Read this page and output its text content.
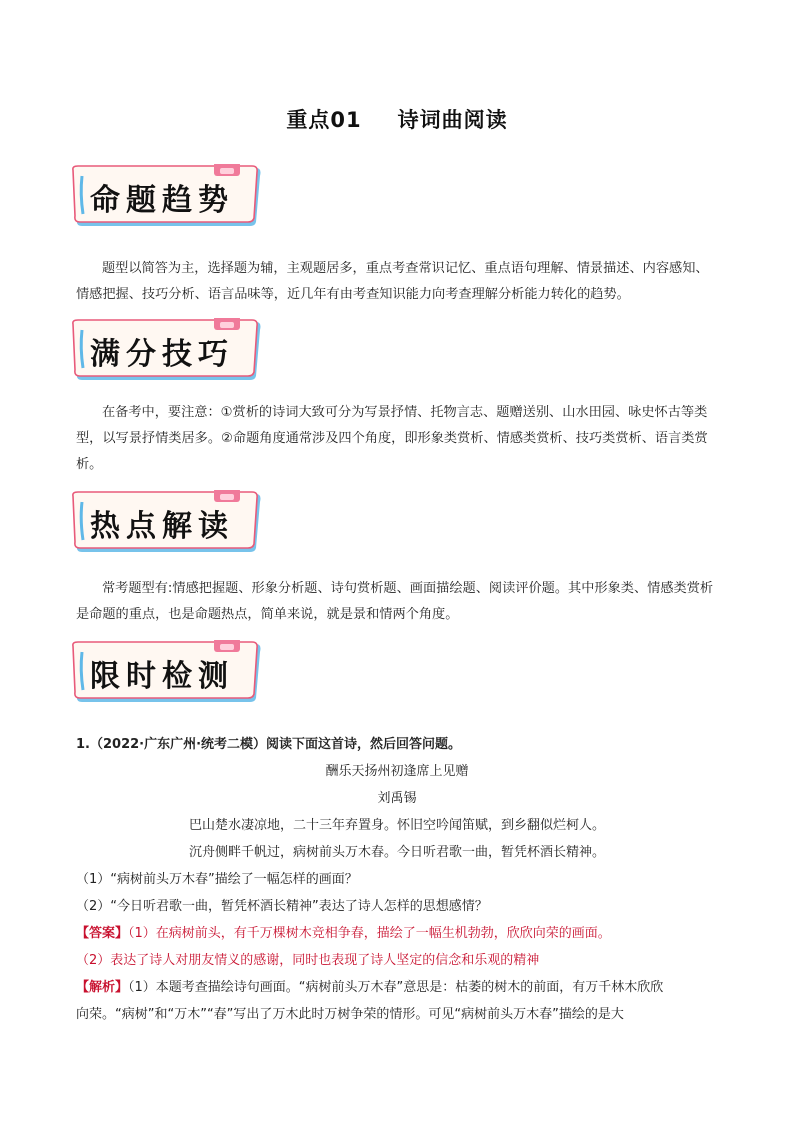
重点01 诗词曲阅读
命题趋势

题型以简答为主，选择题为辅，主观题居多，重点考查常识记忆、重点语句理解、情景描述、内容感知、情感把握、技巧分析、语言品味等，近几年有由考查知识能力向考查理解分析能力转化的趋势。

满分技巧

在备考中，要注意：①赏析的诗词大致可分为写景抒情、托物言志、题赠送别、山水田园、咏史怀古等类型，以写景抒情类居多。②命题角度通常涉及四个角度，即形象类赏析、情感类赏析、技巧类赏析、语言类赏析。

热点解读

常考题型有:情感把握题、形象分析题、诗句赏析题、画面描绘题、阅读评价题。其中形象类、情感类赏析是命题的重点，也是命题热点，简单来说，就是景和情两个角度。

限时检测
1.（2022·广东广州·统考二模）阅读下面这首诗，然后回答问题。
酬乐天扬州初逢席上见赠
刘禹锡
巴山楚水凄凉地，二十三年弃置身。怀旧空吟闻笛赋，到乡翻似烂柯人。
沉舟侧畔千帆过，病树前头万木春。今日听君歌一曲，暂凭杯酒长精神。
（1）“病树前头万木春”描绘了一幅怎样的画面？
（2）“今日听君歌一曲，暂凭杯酒长精神”表达了诗人怎样的思想感情？
【答案】（1）在病树前头，有千万棵树木竞相争春，描绘了一幅生机勃勃，欣欣向荣的画面。
（2）表达了诗人对朋友情义的感谢，同时也表现了诗人坚定的信念和乐观的精神
【解析】（1）本题考查描绘诗句画面。“病树前头万木春”意思是：枯萎的树木的前面，有万千林木欣欣
向荣。“病树”和“万木”“春”写出了万木此时万树争荣的情形。可见“病树前头万木春”描绘的是大
